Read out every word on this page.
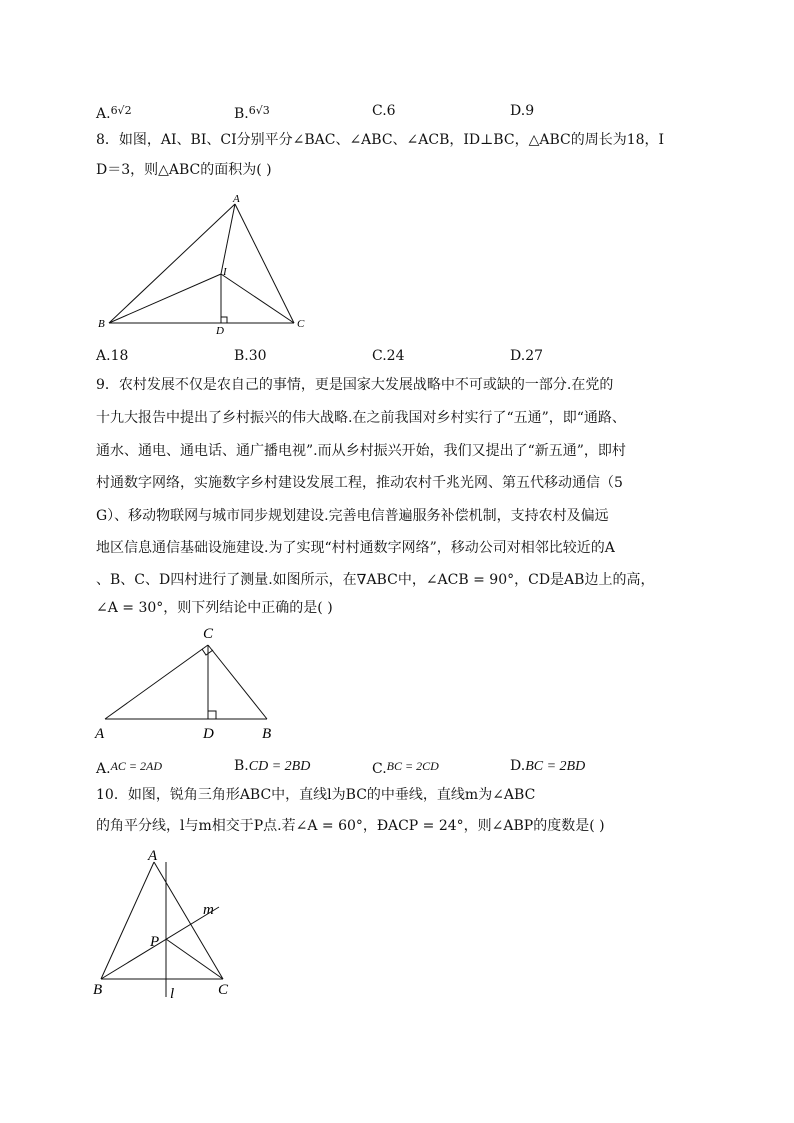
A.$^{6√2}$	B.$^{6√3}$	C.6	D.9
8．如图，AI、BI、CI分别平分∠BAC、∠ABC、∠ACB，ID⊥BC，△ABC的周长为18，I
D＝3，则△ABC的面积为( )
A
I
B
D
C
A.18	B.30	C.24	D.27
9．农村发展不仅是农自己的事情，更是国家大发展战略中不可或缺的一部分.在党的
十九大报告中提出了乡村振兴的伟大战略.在之前我国对乡村实行了“五通”，即“通路、
通水、通电、通电话、通广播电视”.而从乡村振兴开始，我们又提出了“新五通”，即村
村通数字网络，实施数字乡村建设发展工程，推动农村千兆光网、第五代移动通信（5
G）、移动物联网与城市同步规划建设.完善电信普遍服务补偿机制，支持农村及偏远
地区信息通信基础设施建设.为了实现“村村通数字网络”，移动公司对相邻比较近的A
、B、C、D四村进行了测量.如图所示，在∇ABC中，∠ACB = 90°，CD是AB边上的高，
∠A = 30°，则下列结论中正确的是( )
C
A	D	B
A.AC = 2AD	B.CD = 2BD	C.BC = 2CD	D.BC = 2BD
10．如图，锐角三角形ABC中，直线l为BC的中垂线，直线m为∠ABC
的角平分线，l与m相交于P点.若∠A = 60°，ÐACP = 24°，则∠ABP的度数是( )
A
m
P
B	l	C
